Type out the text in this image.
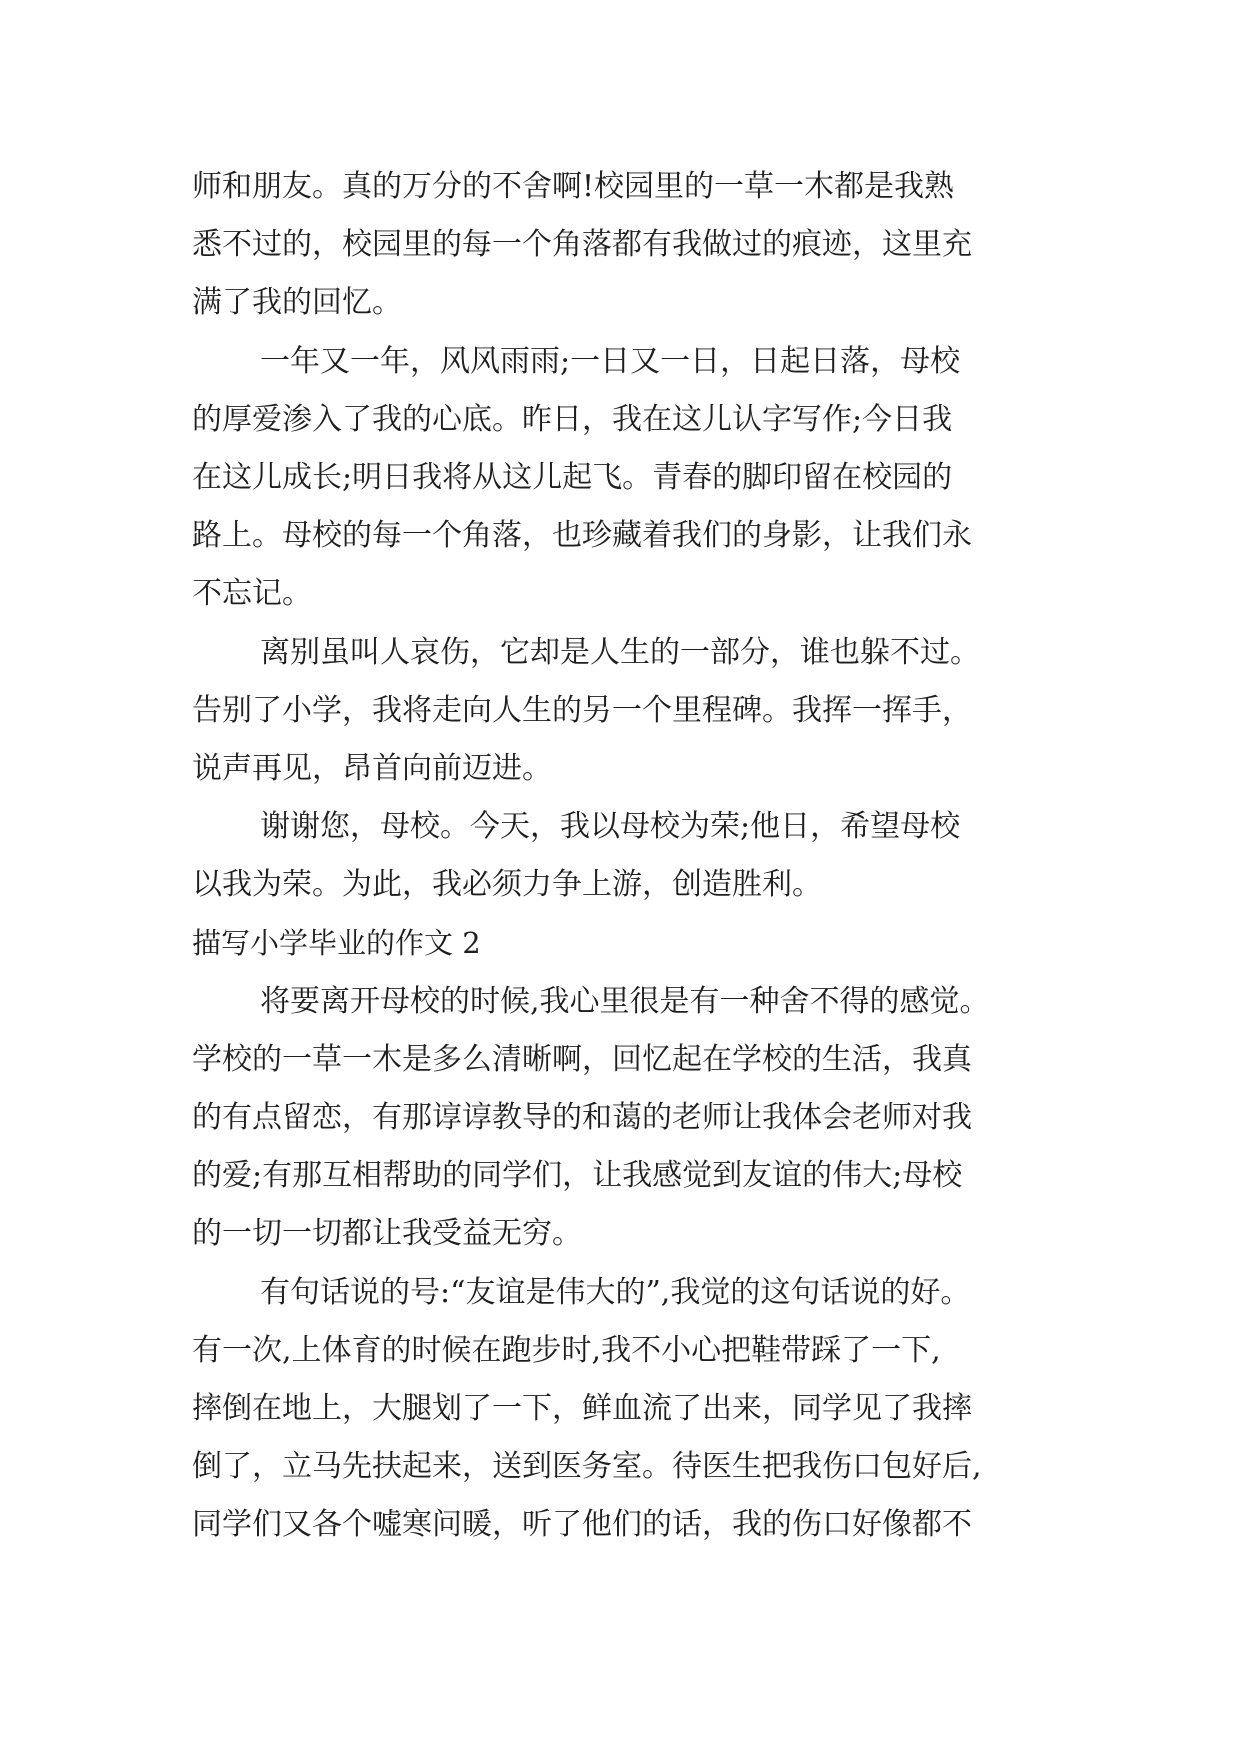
师和朋友。真的万分的不舍啊!校园里的一草一木都是我熟
悉不过的，校园里的每一个角落都有我做过的痕迹，这里充
满了我的回忆。
一年又一年，风风雨雨;一日又一日，日起日落，母校
的厚爱渗入了我的心底。昨日，我在这儿认字写作;今日我
在这儿成长;明日我将从这儿起飞。青春的脚印留在校园的
路上。母校的每一个角落，也珍藏着我们的身影，让我们永
不忘记。
离别虽叫人哀伤，它却是人生的一部分，谁也躲不过。
告别了小学，我将走向人生的另一个里程碑。我挥一挥手，
说声再见，昂首向前迈进。
谢谢您，母校。今天，我以母校为荣;他日，希望母校
以我为荣。为此，我必须力争上游，创造胜利。
描写小学毕业的作文 2
将要离开母校的时候,我心里很是有一种舍不得的感觉。
学校的一草一木是多么清晰啊，回忆起在学校的生活，我真
的有点留恋，有那谆谆教导的和蔼的老师让我体会老师对我
的爱;有那互相帮助的同学们，让我感觉到友谊的伟大;母校
的一切一切都让我受益无穷。
有句话说的号:“友谊是伟大的”,我觉的这句话说的好。
有一次,上体育的时候在跑步时,我不小心把鞋带踩了一下,
摔倒在地上，大腿划了一下，鲜血流了出来，同学见了我摔
倒了，立马先扶起来，送到医务室。待医生把我伤口包好后,
同学们又各个嘘寒问暖，听了他们的话，我的伤口好像都不
